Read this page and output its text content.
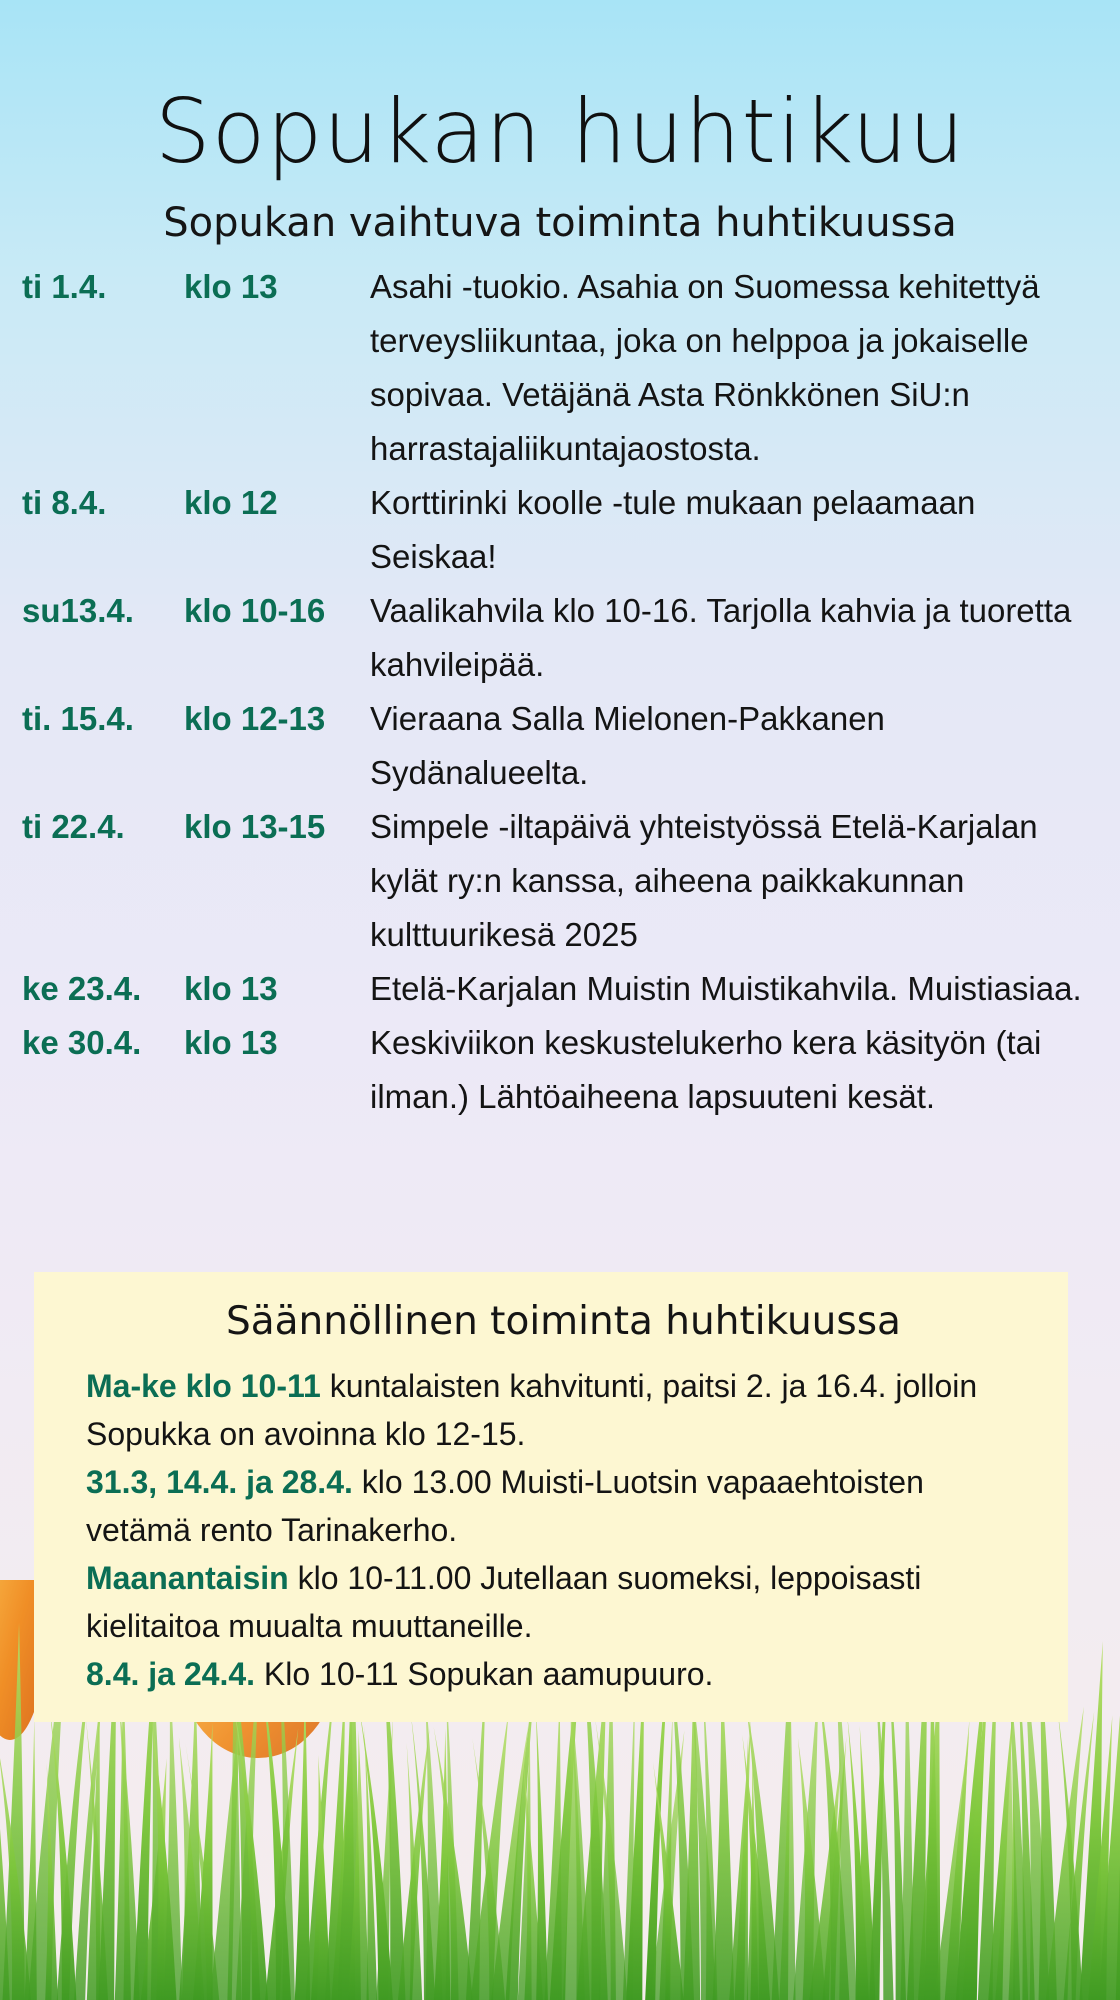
Sopukan huhtikuu
Sopukan vaihtuva toiminta huhtikuussa
ti 1.4.	klo 13	Asahi -tuokio. Asahia on Suomessa kehitettyä terveysliikuntaa, joka on helppoa ja jokaiselle sopivaa. Vetäjänä Asta Rönkkönen SiU:n harrastajaliikuntajaostosta.
ti 8.4.	klo 12	Korttirinki koolle -tule mukaan pelaamaan Seiskaa!
su13.4.	klo 10-16	Vaalikahvila klo 10-16. Tarjolla kahvia ja tuoretta kahvileipää.
ti. 15.4.	klo 12-13	Vieraana Salla Mielonen-Pakkanen Sydänalueelta.
ti 22.4.	klo 13-15	Simpele -iltapäivä yhteistyössä Etelä-Karjalan kylät ry:n kanssa, aiheena paikkakunnan kulttuurikesä 2025
ke 23.4.	klo 13	Etelä-Karjalan Muistin Muistikahvila. Muistiasiaa.
ke 30.4.	klo 13	Keskiviikon keskustelukerho kera käsityön (tai ilman.) Lähtöaiheena lapsuuteni kesät.
Säännöllinen toiminta huhtikuussa

Ma-ke klo 10-11 kuntalaisten kahvitunti, paitsi 2. ja 16.4. jolloin Sopukka on avoinna klo 12-15.

31.3, 14.4. ja 28.4. klo 13.00 Muisti-Luotsin vapaaehtoisten vetämä rento Tarinakerho.

Maanantaisin klo 10-11.00 Jutellaan suomeksi, leppoisasti kielitaitoa muualta muuttaneille.

8.4. ja 24.4. Klo 10-11 Sopukan aamupuuro.
